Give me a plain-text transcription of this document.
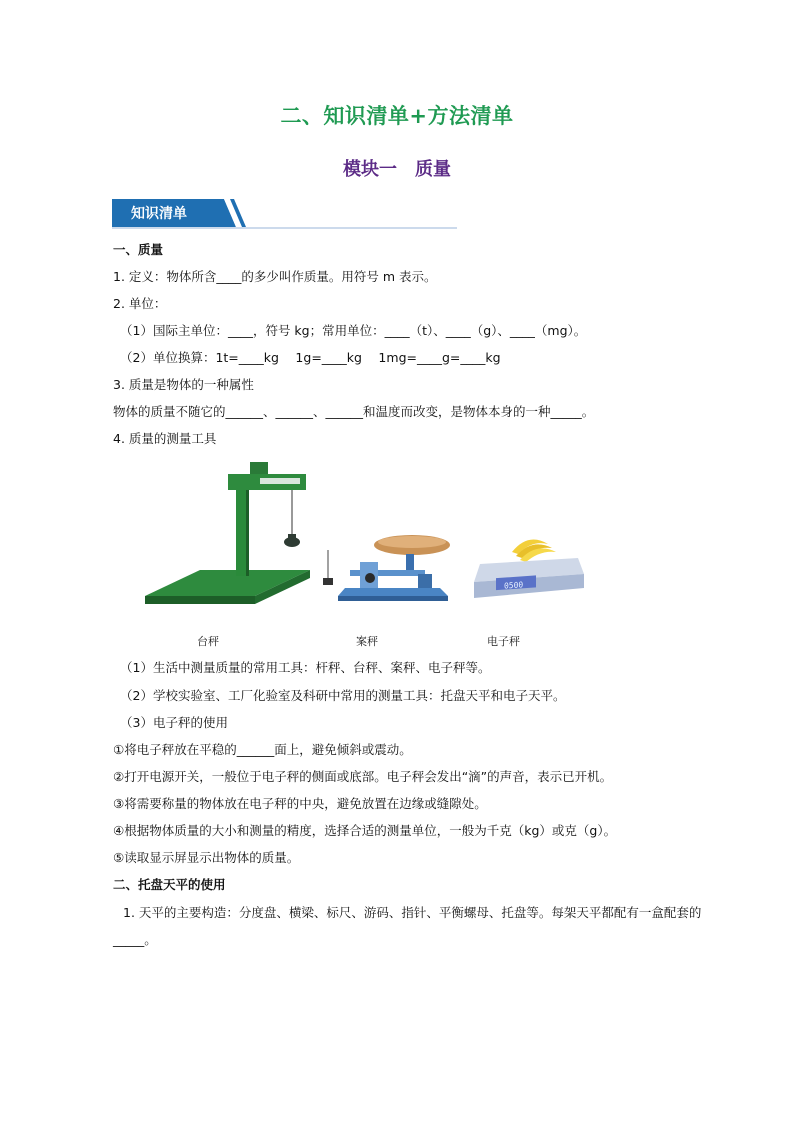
二、知识清单+方法清单
模块一　质量
知识清单
一、质量
1. 定义：物体所含____的多少叫作质量。用符号 m 表示。
2. 单位：
（1）国际主单位：____，符号 kg；常用单位：____（t）、____（g）、____（mg）。
（2）单位换算：1t=____kg　 1g=____kg　 1mg=____g=____kg
3. 质量是物体的一种属性
物体的质量不随它的______、______、______和温度而改变，是物体本身的一种_____。
4. 质量的测量工具
0500
台秤	案秤	电子秤
（1）生活中测量质量的常用工具：杆秤、台秤、案秤、电子秤等。
（2）学校实验室、工厂化验室及科研中常用的测量工具：托盘天平和电子天平。
（3）电子秤的使用
①将电子秤放在平稳的______面上，避免倾斜或震动。
②打开电源开关，一般位于电子秤的侧面或底部。电子秤会发出“滴”的声音，表示已开机。
③将需要称量的物体放在电子秤的中央，避免放置在边缘或缝隙处。
④根据物体质量的大小和测量的精度，选择合适的测量单位，一般为千克（kg）或克（g）。
⑤读取显示屏显示出物体的质量。
二、托盘天平的使用
1. 天平的主要构造：分度盘、横梁、标尺、游码、指针、平衡螺母、托盘等。每架天平都配有一盒配套的_____。
